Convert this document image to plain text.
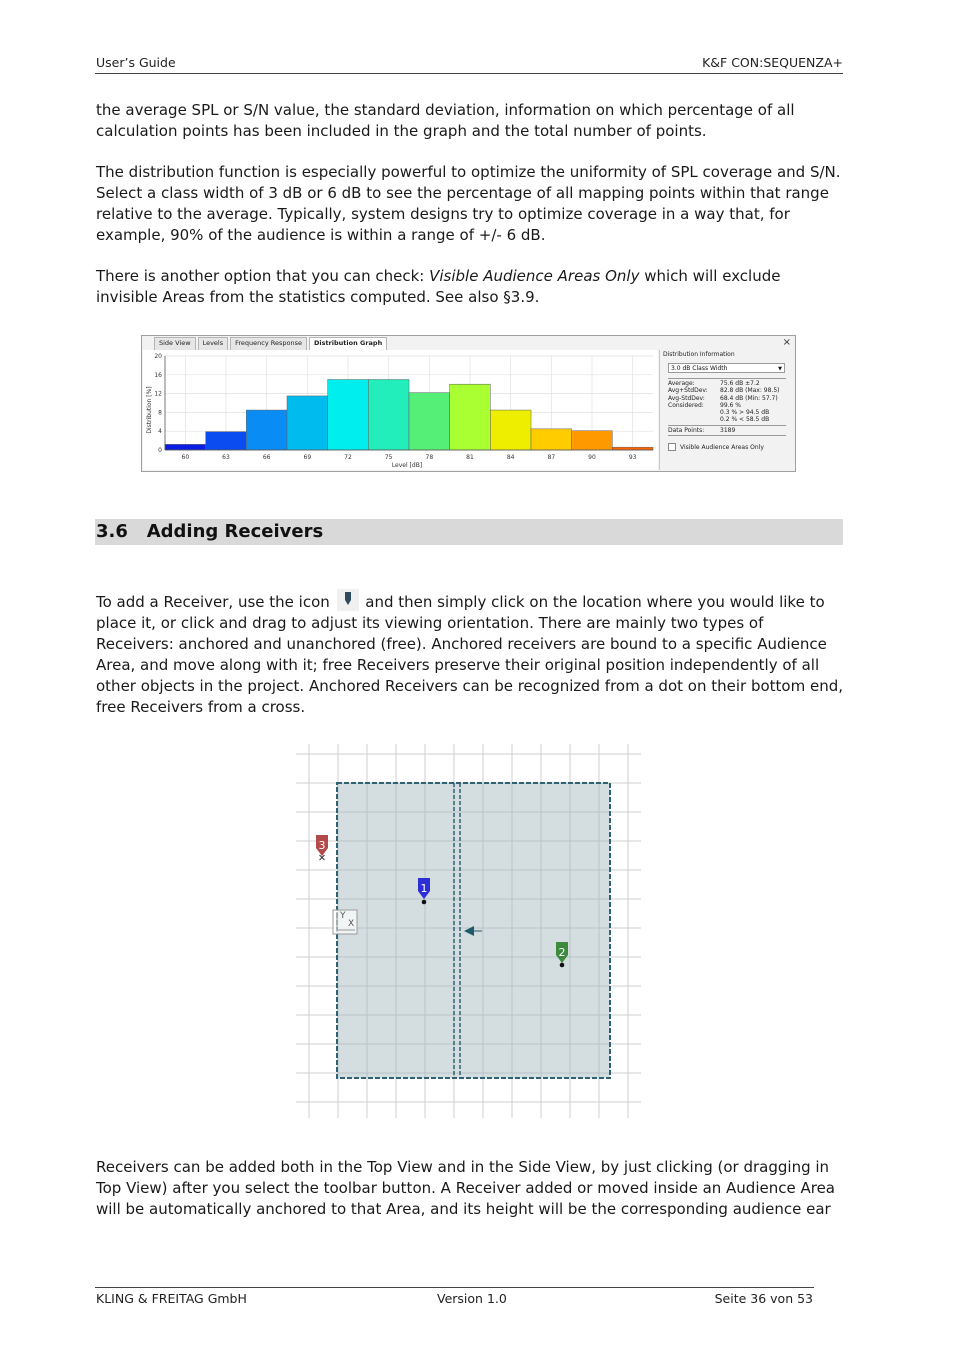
User’s Guide	K&F CON:SEQUENZA+

the average SPL or S/N value, the standard deviation, information on which percentage of all calculation points has been included in the graph and the total number of points.

The distribution function is especially powerful to optimize the uniformity of SPL coverage and S/N. Select a class width of 3 dB or 6 dB to see the percentage of all mapping points within that range relative to the average. Typically, system designs try to optimize coverage in a way that, for example, 90% of the audience is within a range of +/- 6 dB.

There is another option that you can check: Visible Audience Areas Only which will exclude invisible Areas from the statistics computed. See also §3.9.

Side View	Levels	Frequency Response	Distribution Graph	×
0
4
8
12
16
20
60	63	66	69	72	75	78	81	84	87	90	93
Distribution [%]
Level [dB]
Distribution Information
3.0 dB Class Width	▼
Average:	75.6 dB ±7.2
Avg+StdDev:	82.8 dB (Max: 98.5)
Avg-StdDev:	68.4 dB (Min: 57.7)
Considered:	99.6 %
0.3 % > 94.5 dB
0.2 % < 58.5 dB
Data Points:	3189
Visible Audience Areas Only
3.6 Adding Receivers

To add a Receiver, use the icon  and then simply click on the location where you would like to place it, or click and drag to adjust its viewing orientation. There are mainly two types of Receivers: anchored and unanchored (free). Anchored receivers are bound to a specific Audience Area, and move along with it; free Receivers preserve their original position independently of all other objects in the project. Anchored Receivers can be recognized from a dot on their bottom end, free Receivers from a cross.

Y
X
1
2
3

Receivers can be added both in the Top View and in the Side View, by just clicking (or dragging in Top View) after you select the toolbar button. A Receiver added or moved inside an Audience Area will be automatically anchored to that Area, and its height will be the corresponding audience ear

KLING & FREITAG GmbH	Version 1.0	Seite 36 von 53
